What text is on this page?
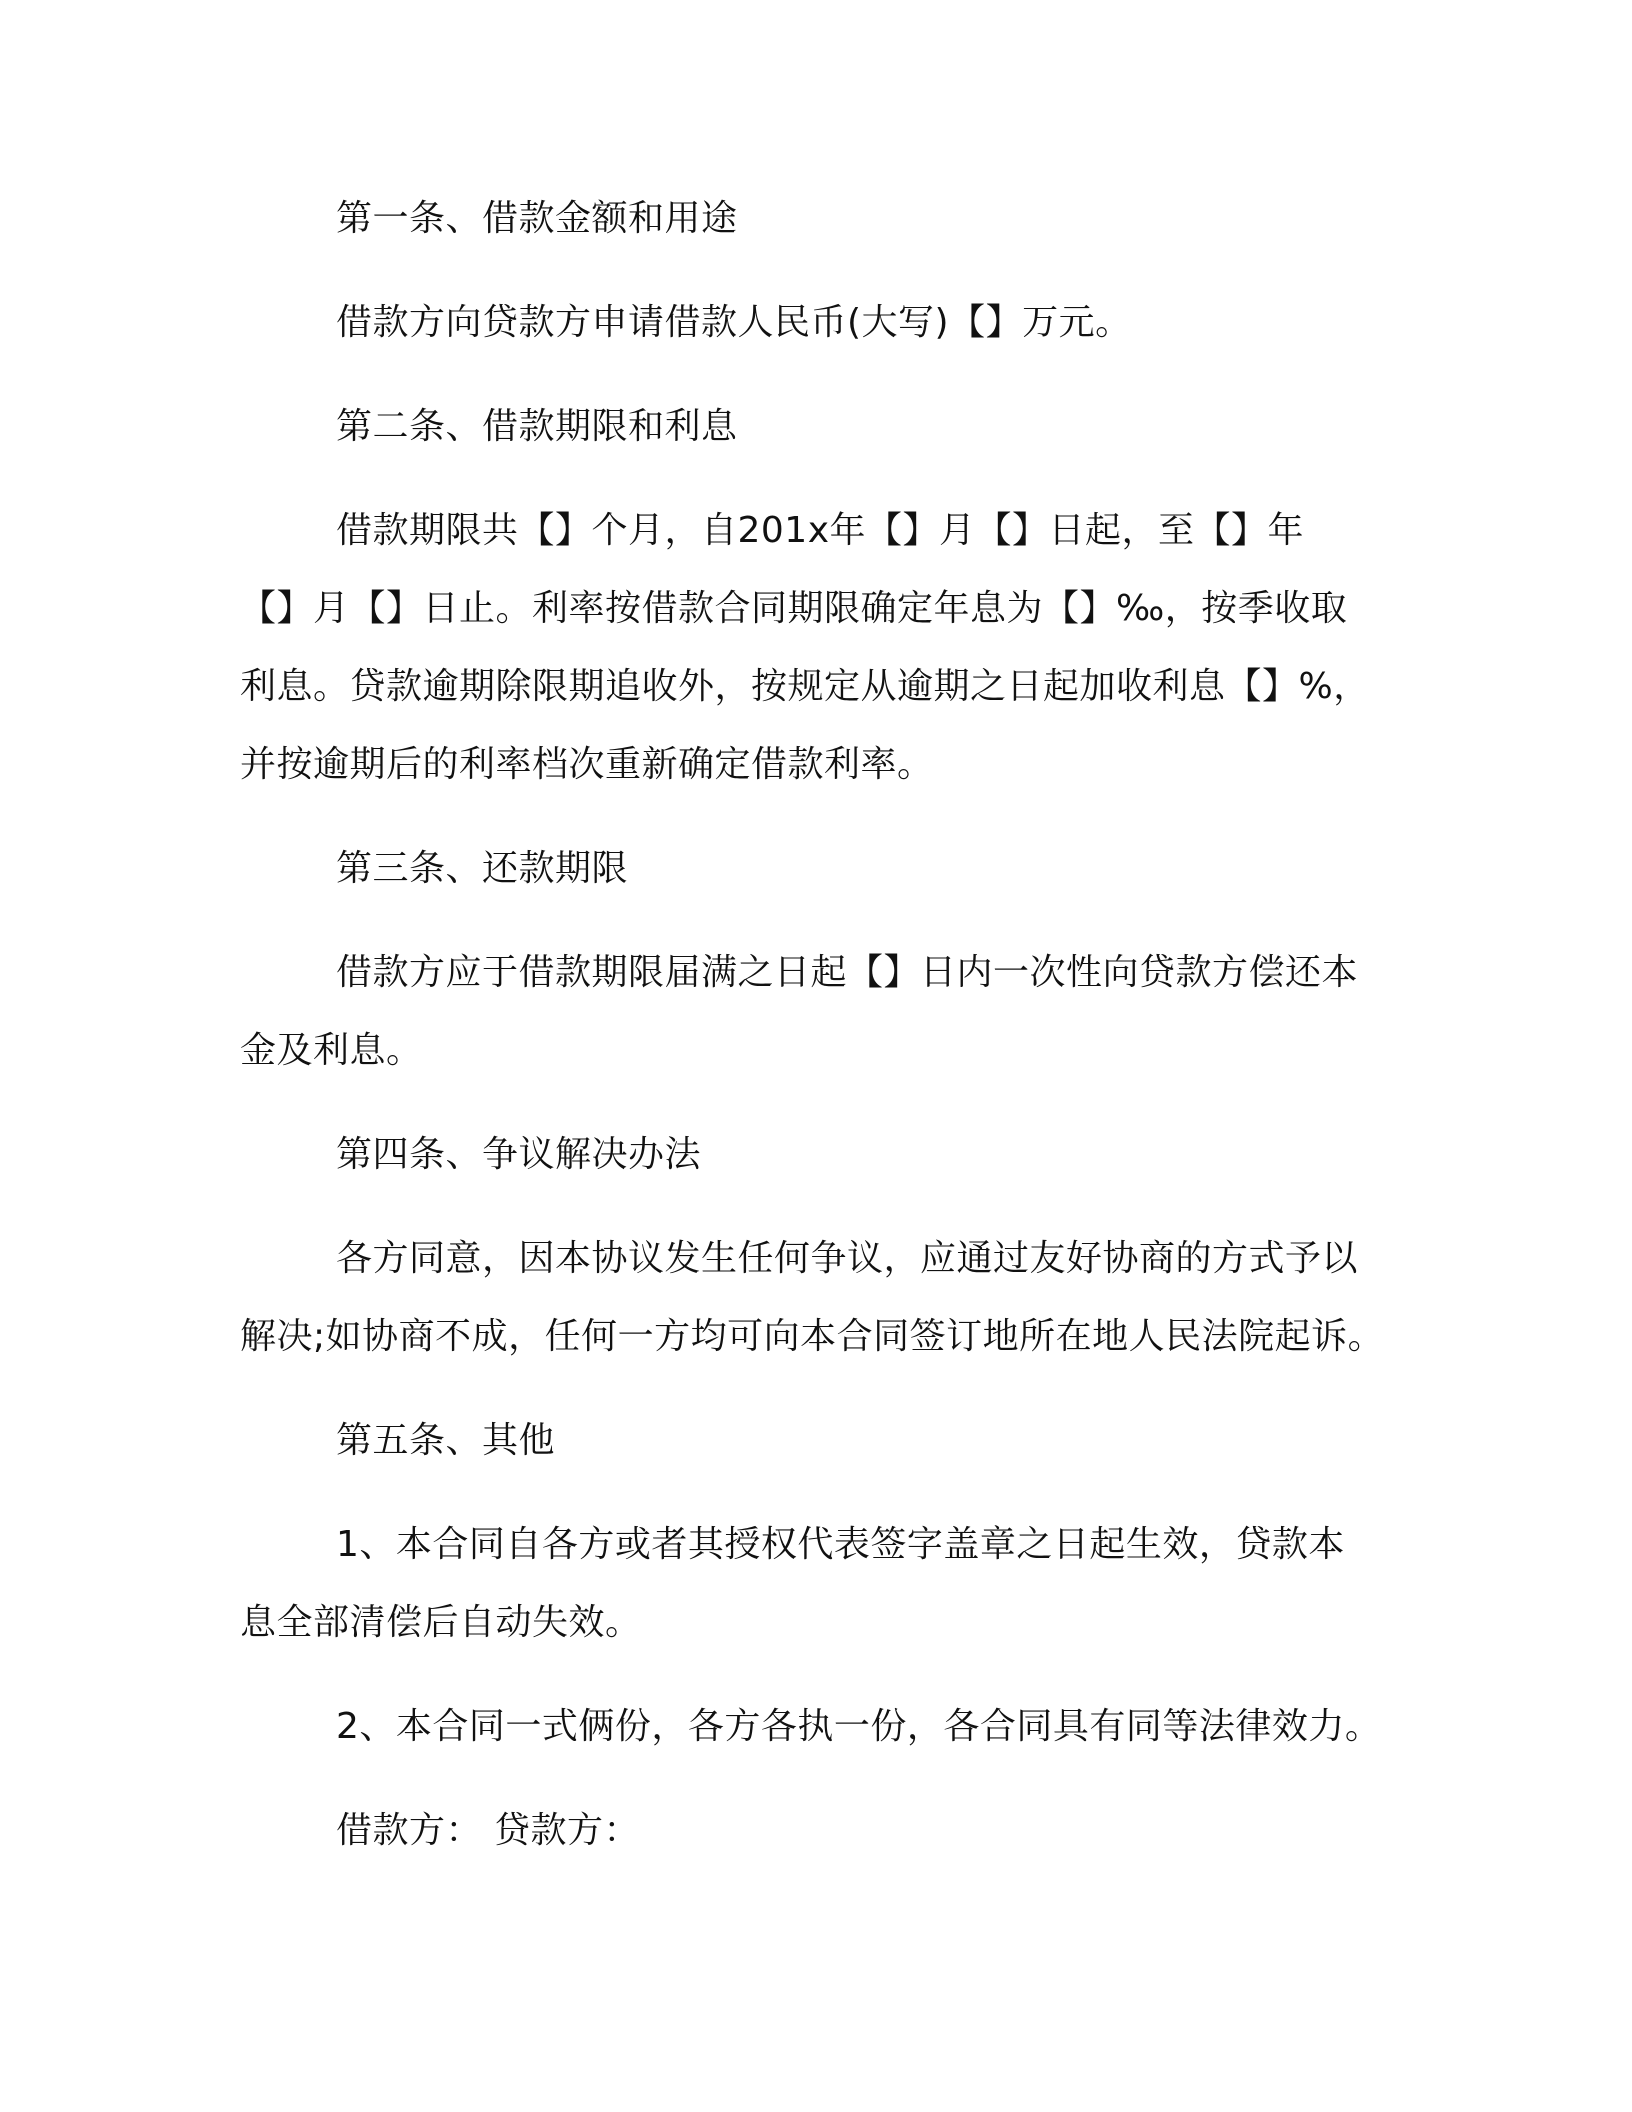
第一条、借款金额和用途
借款方向贷款方申请借款人民币(大写)【】万元。
第二条、借款期限和利息
借款期限共【】个月，自201x年【】月【】日起，至【】年
【】月【】日止。利率按借款合同期限确定年息为【】‰，按季收取
利息。贷款逾期除限期追收外，按规定从逾期之日起加收利息【】%，
并按逾期后的利率档次重新确定借款利率。
第三条、还款期限
借款方应于借款期限届满之日起【】日内一次性向贷款方偿还本
金及利息。
第四条、争议解决办法
各方同意，因本协议发生任何争议，应通过友好协商的方式予以
解决;如协商不成，任何一方均可向本合同签订地所在地人民法院起诉。
第五条、其他
1、本合同自各方或者其授权代表签字盖章之日起生效，贷款本
息全部清偿后自动失效。
2、本合同一式俩份，各方各执一份，各合同具有同等法律效力。
借款方： 贷款方：
